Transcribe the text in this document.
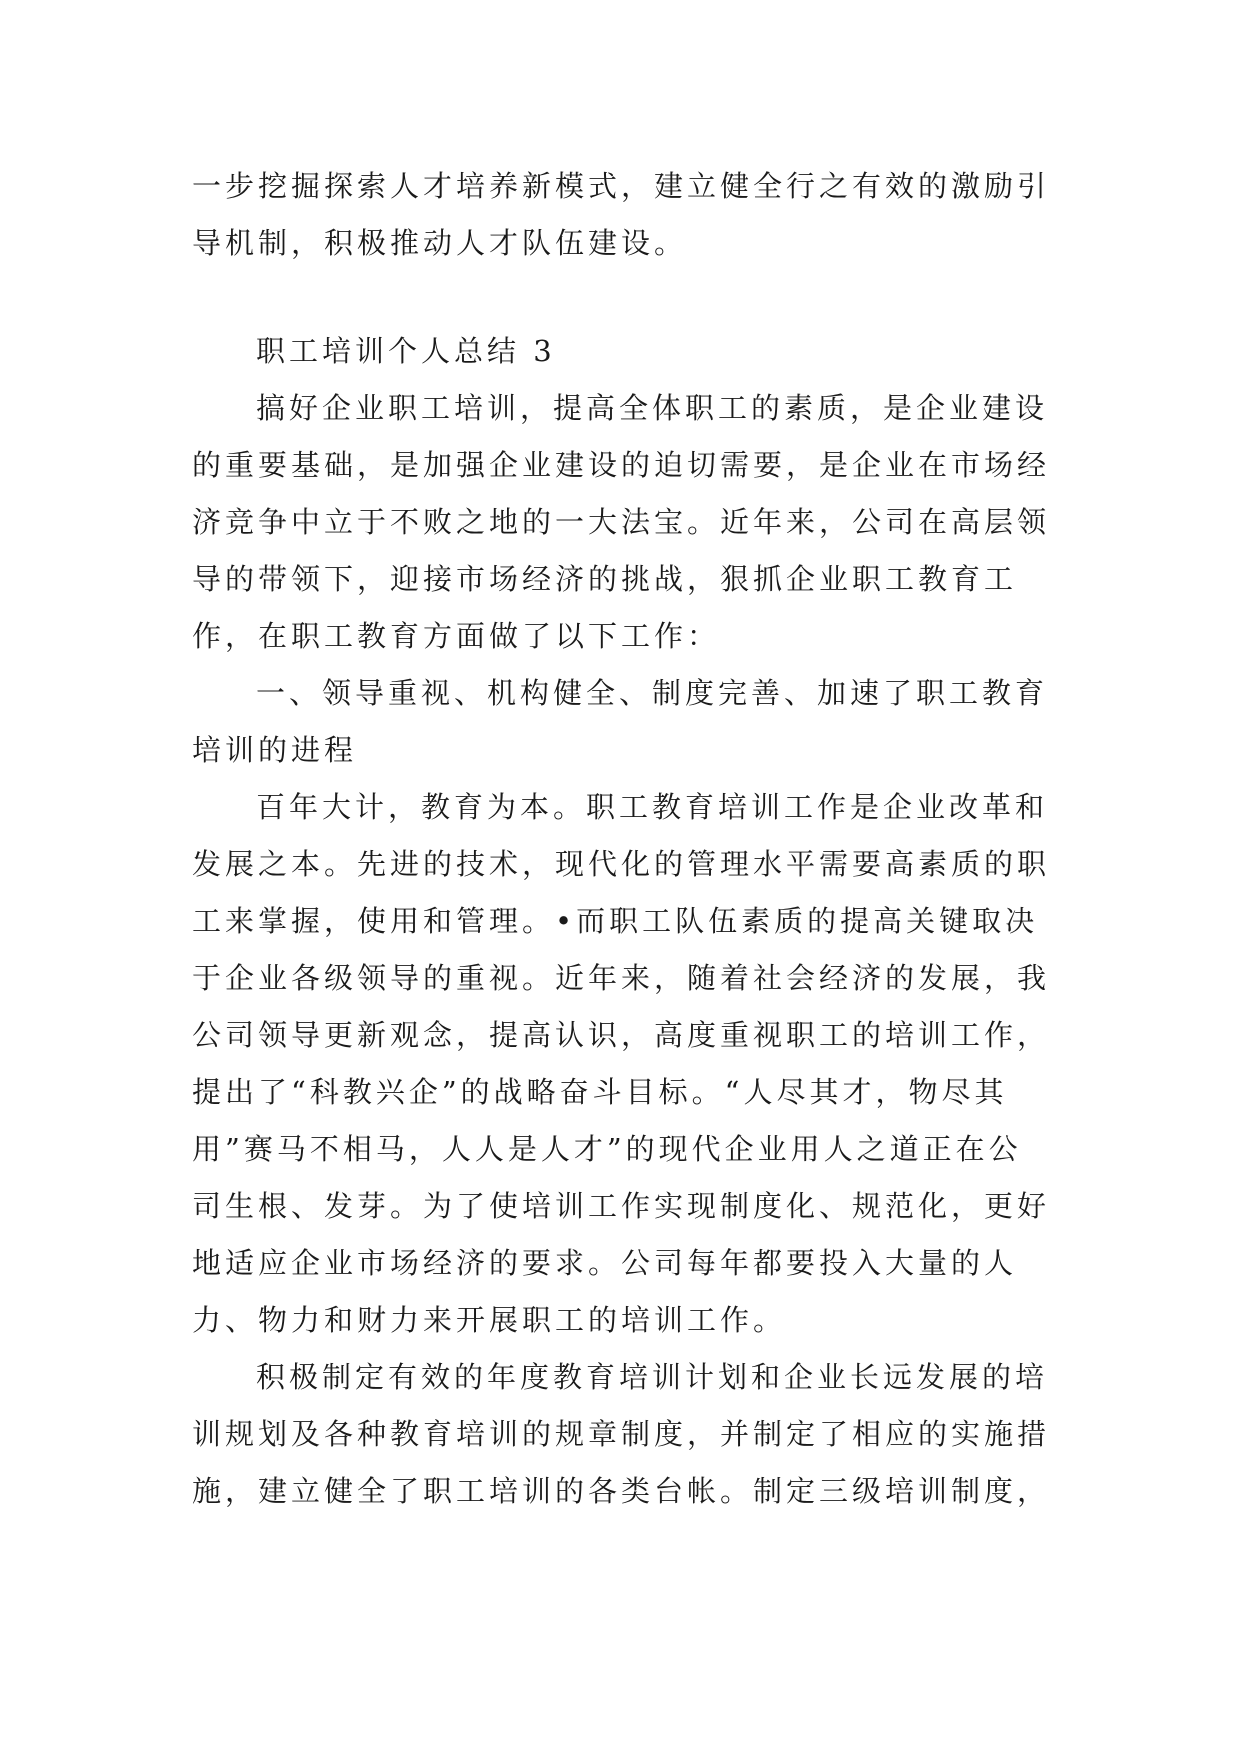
一步挖掘探索人才培养新模式，建立健全行之有效的激励引导机制，积极推动人才队伍建设。

职工培训个人总结 3

搞好企业职工培训，提高全体职工的素质，是企业建设的重要基础，是加强企业建设的迫切需要，是企业在市场经济竞争中立于不败之地的一大法宝。近年来，公司在高层领导的带领下，迎接市场经济的挑战，狠抓企业职工教育工作，在职工教育方面做了以下工作：

一、领导重视、机构健全、制度完善、加速了职工教育培训的进程

百年大计，教育为本。职工教育培训工作是企业改革和发展之本。先进的技术，现代化的管理水平需要高素质的职工来掌握，使用和管理。•而职工队伍素质的提高关键取决于企业各级领导的重视。近年来，随着社会经济的发展，我公司领导更新观念，提高认识，高度重视职工的培训工作，提出了“科教兴企”的战略奋斗目标。“人尽其才，物尽其用”赛马不相马，人人是人才”的现代企业用人之道正在公司生根、发芽。为了使培训工作实现制度化、规范化，更好地适应企业市场经济的要求。公司每年都要投入大量的人力、物力和财力来开展职工的培训工作。

积极制定有效的年度教育培训计划和企业长远发展的培训规划及各种教育培训的规章制度，并制定了相应的实施措施，建立健全了职工培训的各类台帐。制定三级培训制度，
